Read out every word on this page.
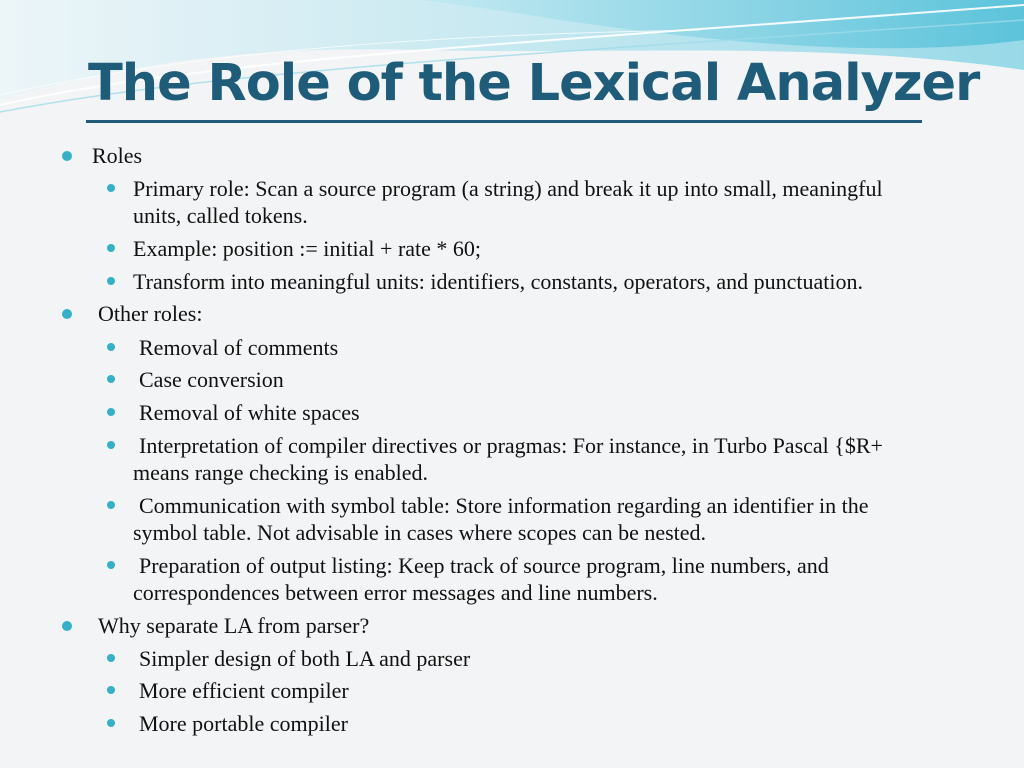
The Role of the Lexical Analyzer
Roles
Primary role: Scan a source program (a string) and break it up into small, meaningful
units, called tokens.
Example: position := initial + rate * 60;
Transform into meaningful units: identifiers, constants, operators, and punctuation.
Other roles:
Removal of comments
Case conversion
Removal of white spaces
Interpretation of compiler directives or pragmas: For instance, in Turbo Pascal {$R+
means range checking is enabled.
Communication with symbol table: Store information regarding an identifier in the
symbol table. Not advisable in cases where scopes can be nested.
Preparation of output listing: Keep track of source program, line numbers, and
correspondences between error messages and line numbers.
Why separate LA from parser?
Simpler design of both LA and parser
More efficient compiler
More portable compiler
